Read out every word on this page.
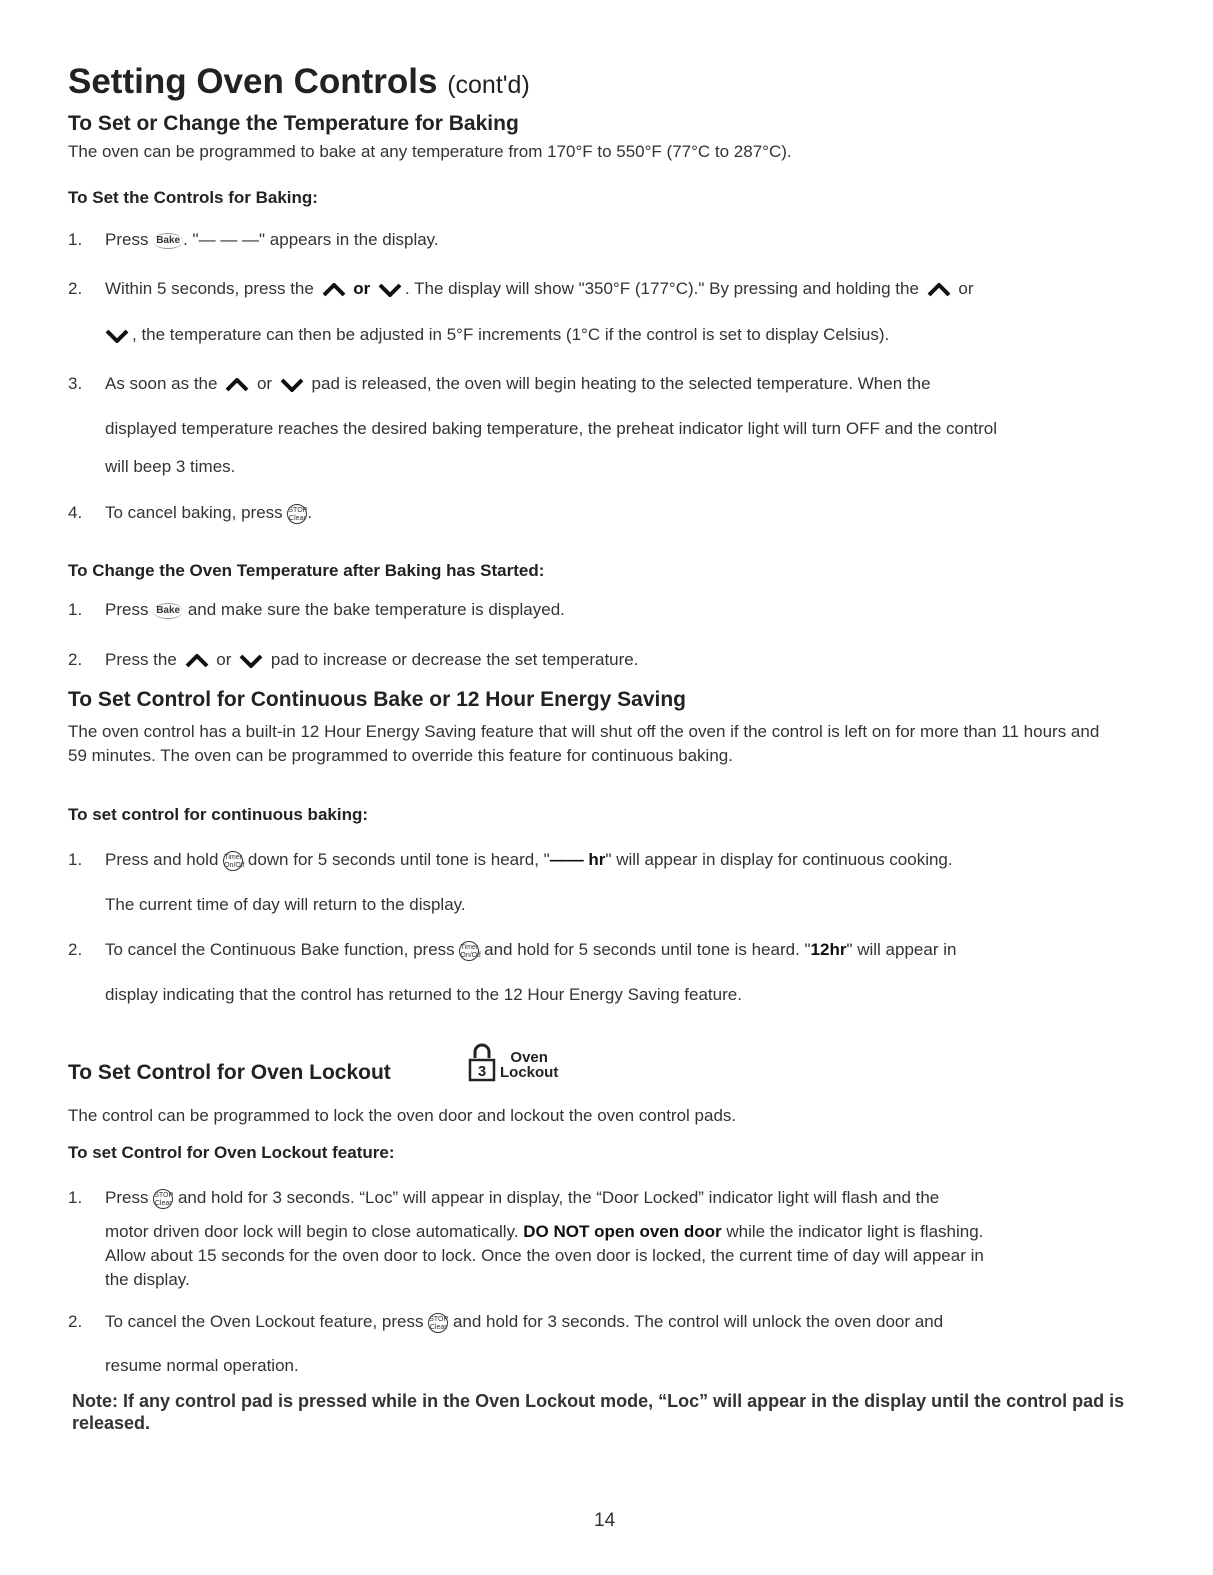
Setting Oven Controls (cont'd)
To Set or Change the Temperature for Baking
The oven can be programmed to bake at any temperature from 170°F to 550°F (77°C to 287°C).
To Set the Controls for Baking:
1. Press Bake . "— — —" appears in the display.
2. Within 5 seconds, press the or . The display will show "350°F (177°C)." By pressing and holding the or
, the temperature can then be adjusted in 5°F increments (1°C if the control is set to display Celsius).
3. As soon as the or pad is released, the oven will begin heating to the selected temperature. When the
displayed temperature reaches the desired baking temperature, the preheat indicator light will turn OFF and the control
will beep 3 times.
4. To cancel baking, press STOP
Clear.
To Change the Oven Temperature after Baking has Started:
1. Press Bake and make sure the bake temperature is displayed.
2. Press the or pad to increase or decrease the set temperature.
To Set Control for Continuous Bake or 12 Hour Energy Saving
The oven control has a built-in 12 Hour Energy Saving feature that will shut off the oven if the control is left on for more than 11 hours and 59 minutes. The oven can be programmed to override this feature for continuous baking.
To set control for continuous baking:
1. Press and hold Timer
On/Off down for 5 seconds until tone is heard, "—— hr" will appear in display for continuous cooking.
The current time of day will return to the display.
2. To cancel the Continuous Bake function, press Timer
On/Off and hold for 5 seconds until tone is heard. "12hr" will appear in
display indicating that the control has returned to the 12 Hour Energy Saving feature.
To Set Control for Oven Lockout	3
Oven
Lockout
The control can be programmed to lock the oven door and lockout the oven control pads.
To set Control for Oven Lockout feature:
1. Press STOP
Clear and hold for 3 seconds. “Loc” will appear in display, the “Door Locked” indicator light will flash and the
motor driven door lock will begin to close automatically. DO NOT open oven door while the indicator light is flashing.
Allow about 15 seconds for the oven door to lock. Once the oven door is locked, the current time of day will appear in
the display.
2. To cancel the Oven Lockout feature, press STOP
Clear and hold for 3 seconds. The control will unlock the oven door and
resume normal operation.
Note: If any control pad is pressed while in the Oven Lockout mode, “Loc” will appear in the display until the control pad is released.
14
